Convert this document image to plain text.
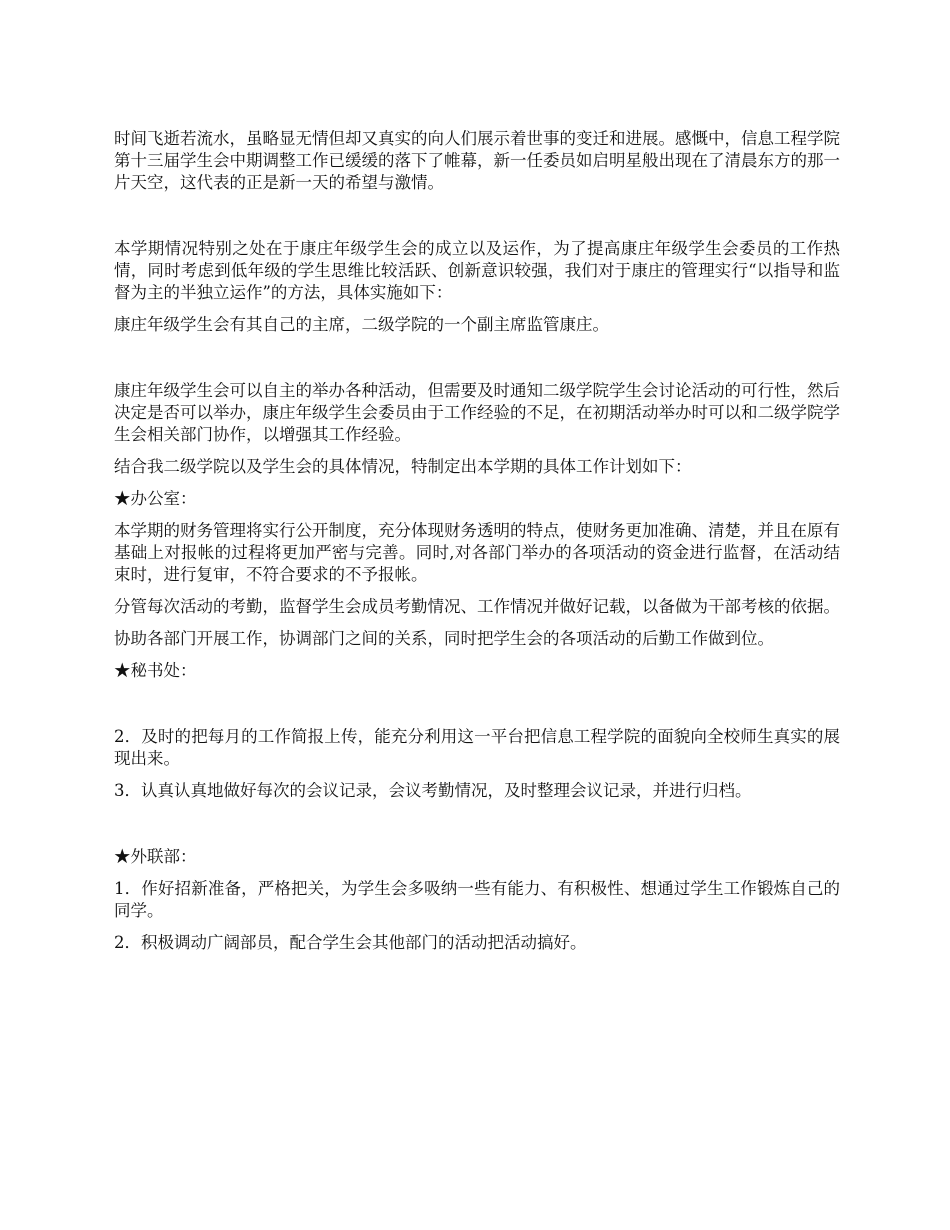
时间飞逝若流水，虽略显无情但却又真实的向人们展示着世事的变迁和进展。感慨中，信息工程学院第十三届学生会中期调整工作已缓缓的落下了帷幕，新一任委员如启明星般出现在了清晨东方的那一片天空，这代表的正是新一天的希望与激情。

本学期情况特别之处在于康庄年级学生会的成立以及运作，为了提高康庄年级学生会委员的工作热情，同时考虑到低年级的学生思维比较活跃、创新意识较强，我们对于康庄的管理实行“以指导和监督为主的半独立运作”的方法，具体实施如下：

康庄年级学生会有其自己的主席，二级学院的一个副主席监管康庄。

康庄年级学生会可以自主的举办各种活动，但需要及时通知二级学院学生会讨论活动的可行性，然后决定是否可以举办，康庄年级学生会委员由于工作经验的不足，在初期活动举办时可以和二级学院学生会相关部门协作，以增强其工作经验。

结合我二级学院以及学生会的具体情况，特制定出本学期的具体工作计划如下：

★办公室：

本学期的财务管理将实行公开制度，充分体现财务透明的特点，使财务更加准确、清楚，并且在原有基础上对报帐的过程将更加严密与完善。同时,对各部门举办的各项活动的资金进行监督，在活动结束时，进行复审，不符合要求的不予报帐。

分管每次活动的考勤，监督学生会成员考勤情况、工作情况并做好记载，以备做为干部考核的依据。

协助各部门开展工作，协调部门之间的关系，同时把学生会的各项活动的后勤工作做到位。

★秘书处：

2．及时的把每月的工作简报上传，能充分利用这一平台把信息工程学院的面貌向全校师生真实的展现出来。

3．认真认真地做好每次的会议记录，会议考勤情况，及时整理会议记录，并进行归档。

★外联部：

1．作好招新准备，严格把关，为学生会多吸纳一些有能力、有积极性、想通过学生工作锻炼自己的同学。

2．积极调动广阔部员，配合学生会其他部门的活动把活动搞好。
